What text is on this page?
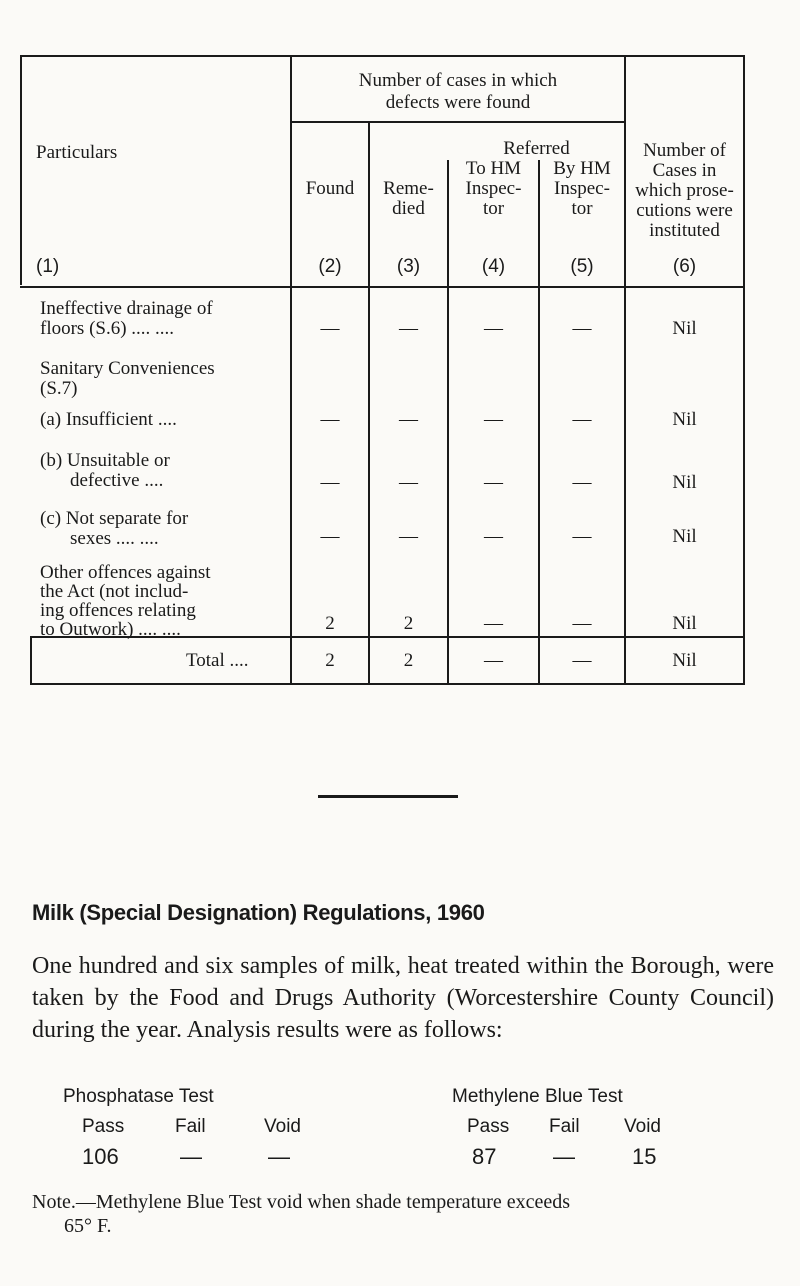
Particulars
Number of cases in which
defects were found
Found	Reme-
died
Referred
To HM
Inspec-
tor
By HM
Inspec-
tor
Number of
Cases in
which prose-
cutions were
instituted
(1)	(2)	(3)	(4)	(5)	(6)
Ineffective drainage of
floors (S.6) .... ....	—	—	—	—	Nil
Sanitary Conveniences
(S.7)
(a) Insufficient ....	—	—	—	—	Nil
(b) Unsuitable or
defective ....	—	—	—	—	Nil
(c) Not separate for
sexes .... ....	—	—	—	—	Nil
Other offences against
the Act (not includ-
ing offences relating
to Outwork) .... ....	2	2	—	—	Nil
Total ....	2	2	—	—	Nil
Milk (Special Designation) Regulations, 1960

One hundred and six samples of milk, heat treated within the Borough, were taken by the Food and Drugs Authority (Worcestershire County Council) during the year. Analysis results were as follows:

Phosphatase Test
Pass	Fail	Void
106	—	—
Methylene Blue Test
Pass Fail Void
87	—	15
Note.—Methylene Blue Test void when shade temperature exceeds
65° F.
